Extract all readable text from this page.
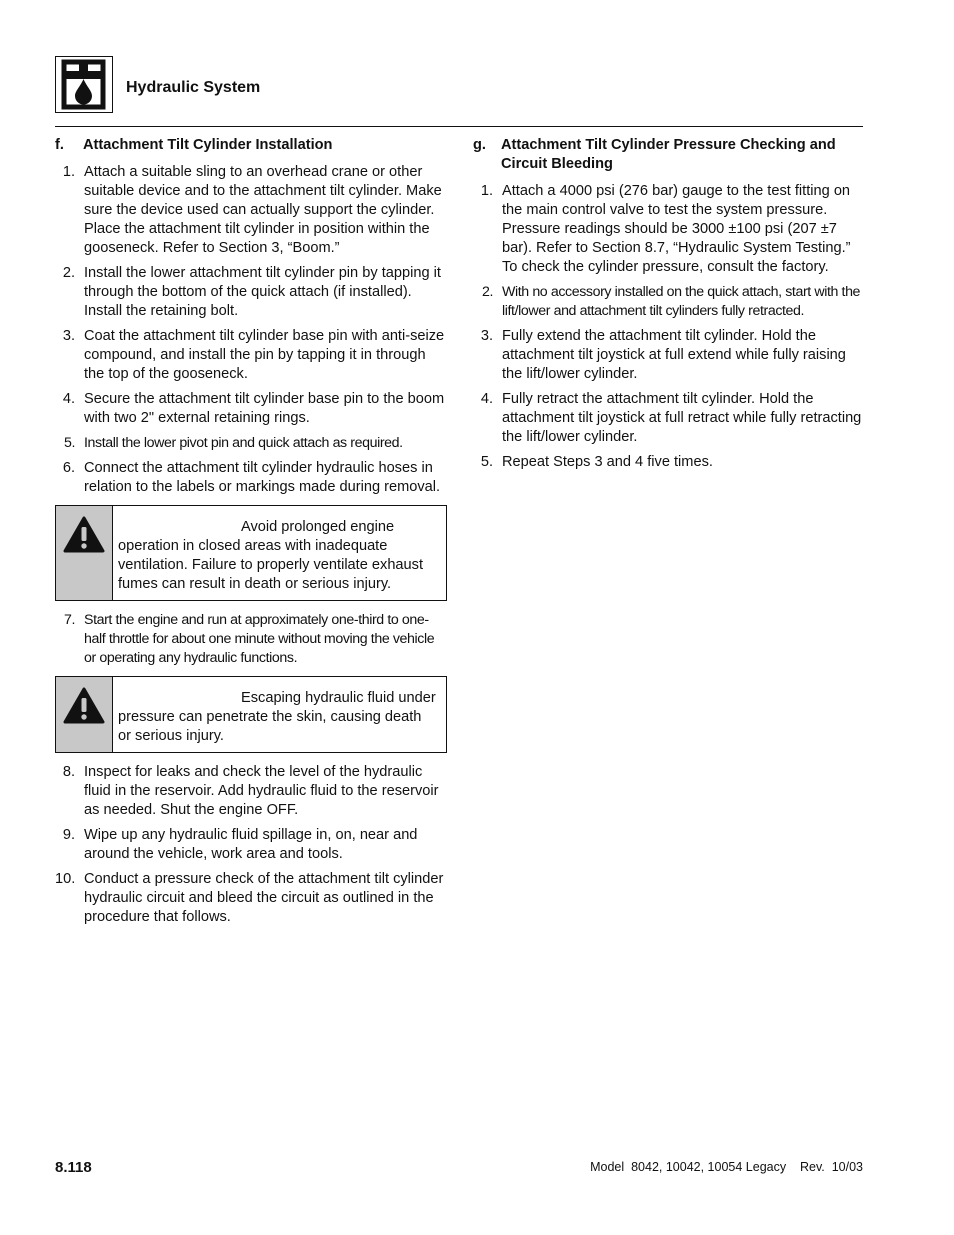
Hydraulic System
f.	Attachment Tilt Cylinder Installation
1. Attach a suitable sling to an overhead crane or other suitable device and to the attachment tilt cylinder. Make sure the device used can actually support the cylinder. Place the attachment tilt cylinder in position within the gooseneck. Refer to Section 3, “Boom.”
2. Install the lower attachment tilt cylinder pin by tapping it through the bottom of the quick attach (if installed). Install the retaining bolt.
3. Coat the attachment tilt cylinder base pin with anti-seize compound, and install the pin by tapping it in through the top of the gooseneck.
4. Secure the attachment tilt cylinder base pin to the boom with two 2" external retaining rings.
5. Install the lower pivot pin and quick attach as required.
6. Connect the attachment tilt cylinder hydraulic hoses in relation to the labels or markings made during removal.
Avoid prolonged engine operation in closed areas with inadequate ventilation. Failure to properly ventilate exhaust fumes can result in death or serious injury.
7. Start the engine and run at approximately one-third to one-half throttle for about one minute without moving the vehicle or operating any hydraulic functions.
Escaping hydraulic fluid under pressure can penetrate the skin, causing death or serious injury.
8. Inspect for leaks and check the level of the hydraulic fluid in the reservoir. Add hydraulic fluid to the reservoir as needed. Shut the engine OFF.
9. Wipe up any hydraulic fluid spillage in, on, near and around the vehicle, work area and tools.
10. Conduct a pressure check of the attachment tilt cylinder hydraulic circuit and bleed the circuit as outlined in the procedure that follows.
g.	Attachment Tilt Cylinder Pressure Checking and Circuit Bleeding
1. Attach a 4000 psi (276 bar) gauge to the test fitting on the main control valve to test the system pressure. Pressure readings should be 3000 ±100 psi (207 ±7 bar). Refer to Section 8.7, “Hydraulic System Testing.” To check the cylinder pressure, consult the factory.
2. With no accessory installed on the quick attach, start with the lift/lower and attachment tilt cylinders fully retracted.
3. Fully extend the attachment tilt cylinder. Hold the attachment tilt joystick at full extend while fully raising the lift/lower cylinder.
4. Fully retract the attachment tilt cylinder. Hold the attachment tilt joystick at full retract while fully retracting the lift/lower cylinder.
5. Repeat Steps 3 and 4 five times.
8.118	Model  8042, 10042, 10054 Legacy    Rev.  10/03
